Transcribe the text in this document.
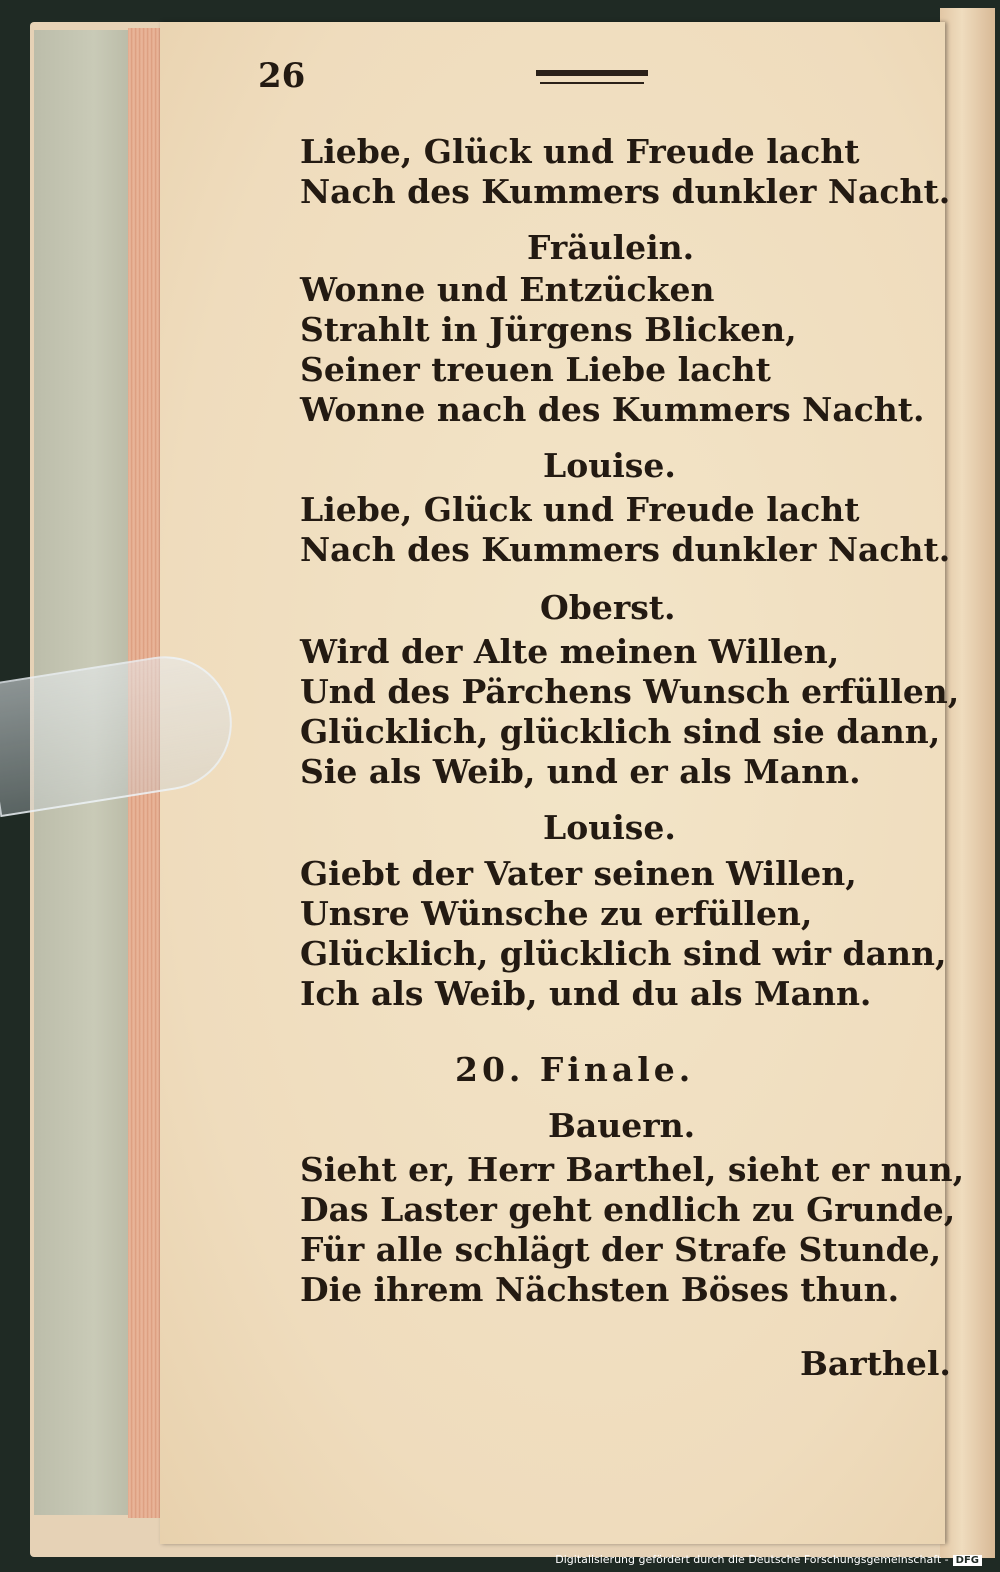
26
Liebe, Glück und Freude lacht
Nach des Kummers dunkler Nacht.
Fräulein.
Wonne und Entzücken
Strahlt in Jürgens Blicken,
Seiner treuen Liebe lacht
Wonne nach des Kummers Nacht.
Louise.
Liebe, Glück und Freude lacht
Nach des Kummers dunkler Nacht.
Oberst.
Wird der Alte meinen Willen,
Und des Pärchens Wunsch erfüllen,
Glücklich, glücklich sind sie dann,
Sie als Weib, und er als Mann.
Louise.
Giebt der Vater seinen Willen,
Unsre Wünsche zu erfüllen,
Glücklich, glücklich sind wir dann,
Ich als Weib, und du als Mann.
20. Finale.
Bauern.
Sieht er, Herr Barthel, sieht er nun,
Das Laster geht endlich zu Grunde,
Für alle schlägt der Strafe Stunde,
Die ihrem Nächsten Böses thun.
Barthel.
Digitalisierung gefördert durch die Deutsche Forschungsgemeinschaft - DFG
